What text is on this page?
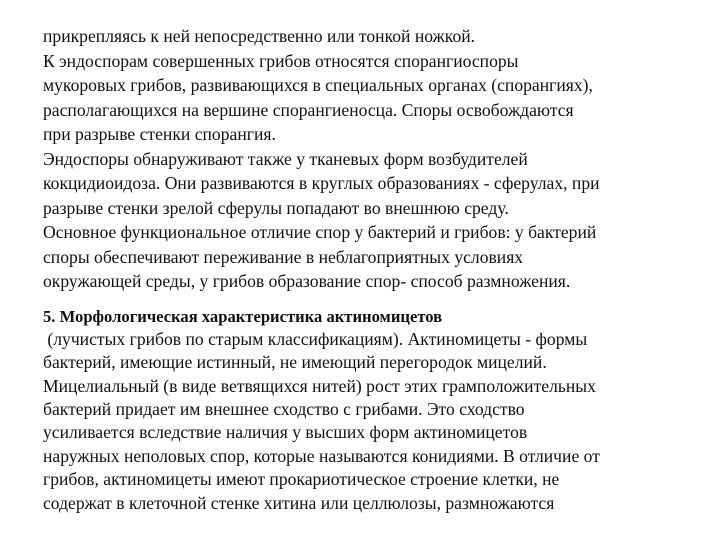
прикрепляясь к ней непосредственно или тонкой ножкой.
К эндоспорам совершенных грибов относятся спорангиоспоры
мукоровых грибов, развивающихся в специальных органах (спорангиях),
располагающихся на вершине спорангиеносца. Споры освобождаются
при разрыве стенки спорангия.
Эндоспоры обнаруживают также у тканевых форм возбудителей
кокцидиоидоза. Они развиваются в круглых образованиях - сферулах, при
разрыве стенки зрелой сферулы попадают во внешнюю среду.
Основное функциональное отличие спор у бактерий и грибов: у бактерий
споры обеспечивают переживание в неблагоприятных условиях
окружающей среды, у грибов образование спор- способ размножения.
5. Морфологическая характеристика актиномицетов
(лучистых грибов по старым классификациям). Актиномицеты - формы
бактерий, имеющие истинный, не имеющий перегородок мицелий.
Мицелиальный (в виде ветвящихся нитей) рост этих грамположительных
бактерий придает им внешнее сходство с грибами. Это сходство
усиливается вследствие наличия у высших форм актиномицетов
наружных неполовых спор, которые называются конидиями. В отличие от
грибов, актиномицеты имеют прокариотическое строение клетки, не
содержат в клеточной стенке хитина или целлюлозы, размножаются
